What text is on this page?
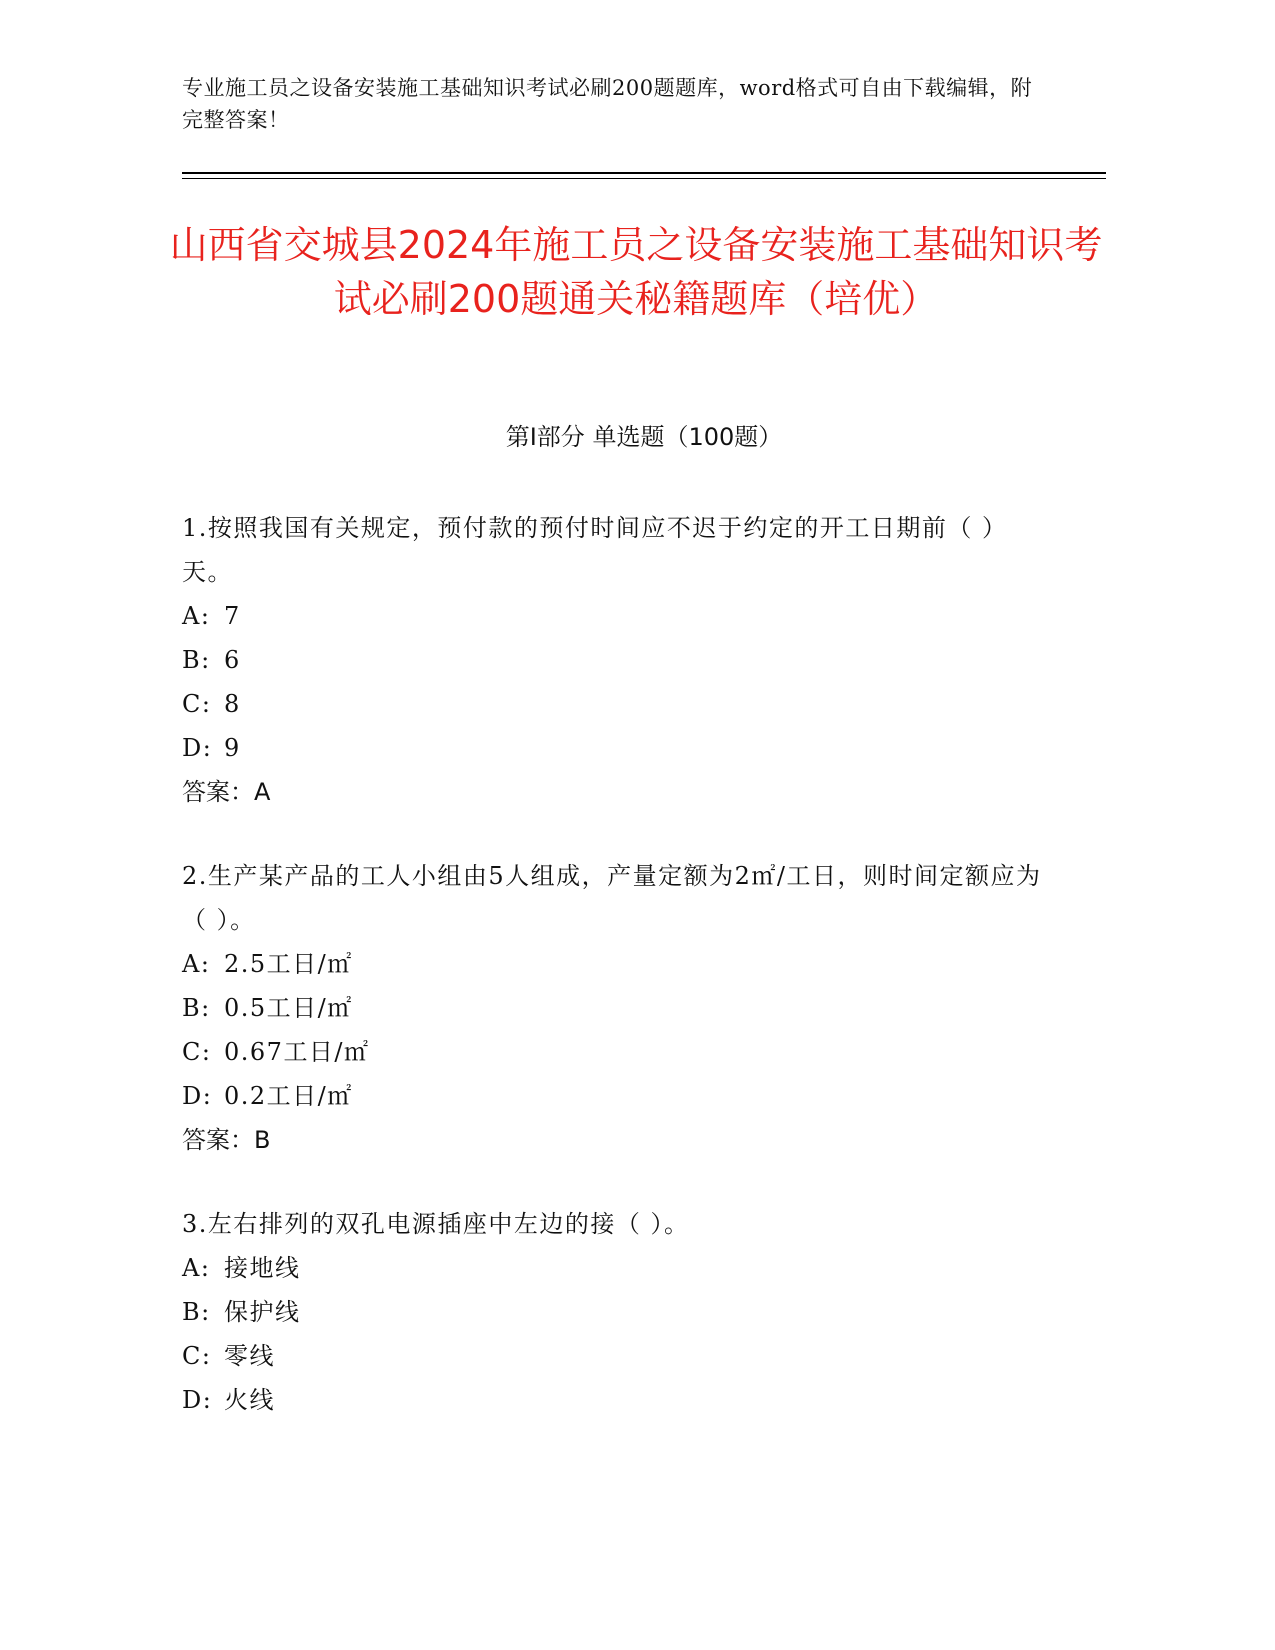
专业施工员之设备安装施工基础知识考试必刷200题题库，word格式可自由下载编辑，附完整答案！
山西省交城县2024年施工员之设备安装施工基础知识考试必刷200题通关秘籍题库（培优）
第Ⅰ部分 单选题（100题）
1.按照我国有关规定，预付款的预付时间应不迟于约定的开工日期前（ ）天。
A: 7
B: 6
C: 8
D: 9
答案：A
2.生产某产品的工人小组由5人组成，产量定额为2㎡/工日，则时间定额应为（ ）。
A: 2.5工日/㎡
B: 0.5工日/㎡
C: 0.67工日/㎡
D: 0.2工日/㎡
答案：B
3.左右排列的双孔电源插座中左边的接（ ）。
A: 接地线
B: 保护线
C: 零线
D: 火线
